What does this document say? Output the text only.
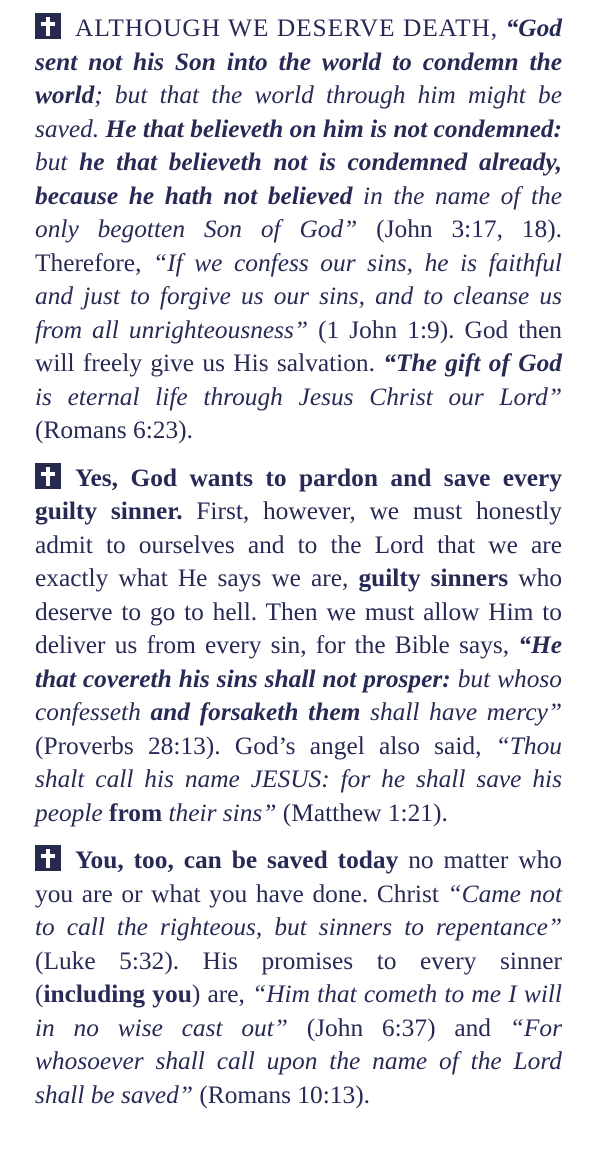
ALTHOUGH WE DESERVE DEATH, “God sent not his Son into the world to condemn the world; but that the world through him might be saved. He that believeth on him is not condemned: but he that believeth not is condemned already, because he hath not believed in the name of the only begotten Son of God” (John 3:17, 18). Therefore, “If we confess our sins, he is faithful and just to forgive us our sins, and to cleanse us from all unrighteousness” (1 John 1:9). God then will freely give us His salvation. “The gift of God is eternal life through Jesus Christ our Lord” (Romans 6:23).

Yes, God wants to pardon and save every guilty sinner. First, however, we must honestly admit to ourselves and to the Lord that we are exactly what He says we are, guilty sinners who deserve to go to hell. Then we must allow Him to deliver us from every sin, for the Bible says, “He that covereth his sins shall not prosper: but whoso confesseth and forsaketh them shall have mercy” (Proverbs 28:13). God’s angel also said, “Thou shalt call his name JESUS: for he shall save his people from their sins” (Matthew 1:21).

You, too, can be saved today no matter who you are or what you have done. Christ “Came not to call the righteous, but sinners to repentance” (Luke 5:32). His promises to every sinner (including you) are, “Him that cometh to me I will in no wise cast out” (John 6:37) and “For whosoever shall call upon the name of the Lord shall be saved” (Romans 10:13).
